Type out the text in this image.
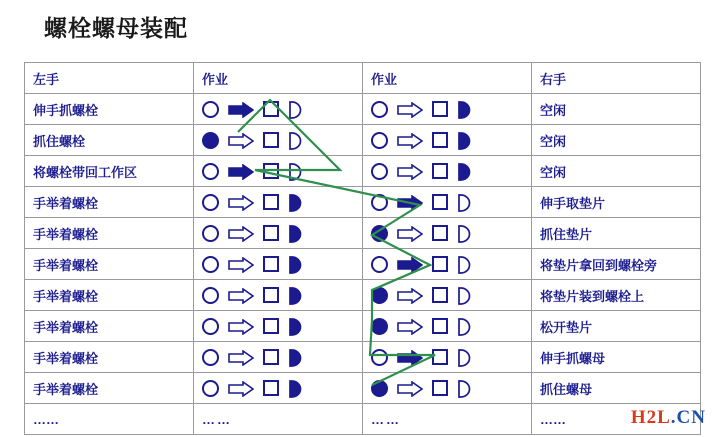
螺栓螺母装配
左手	作业	作业	右手

伸手抓螺栓			空闲

抓住螺栓			空闲

将螺栓带回工作区			空闲

手举着螺栓			伸手取垫片

手举着螺栓			抓住垫片

手举着螺栓			将垫片拿回到螺栓旁

手举着螺栓			将垫片装到螺栓上

手举着螺栓			松开垫片

手举着螺栓			伸手抓螺母

手举着螺栓			抓住螺母

……	……	……	……	H2L.CN
